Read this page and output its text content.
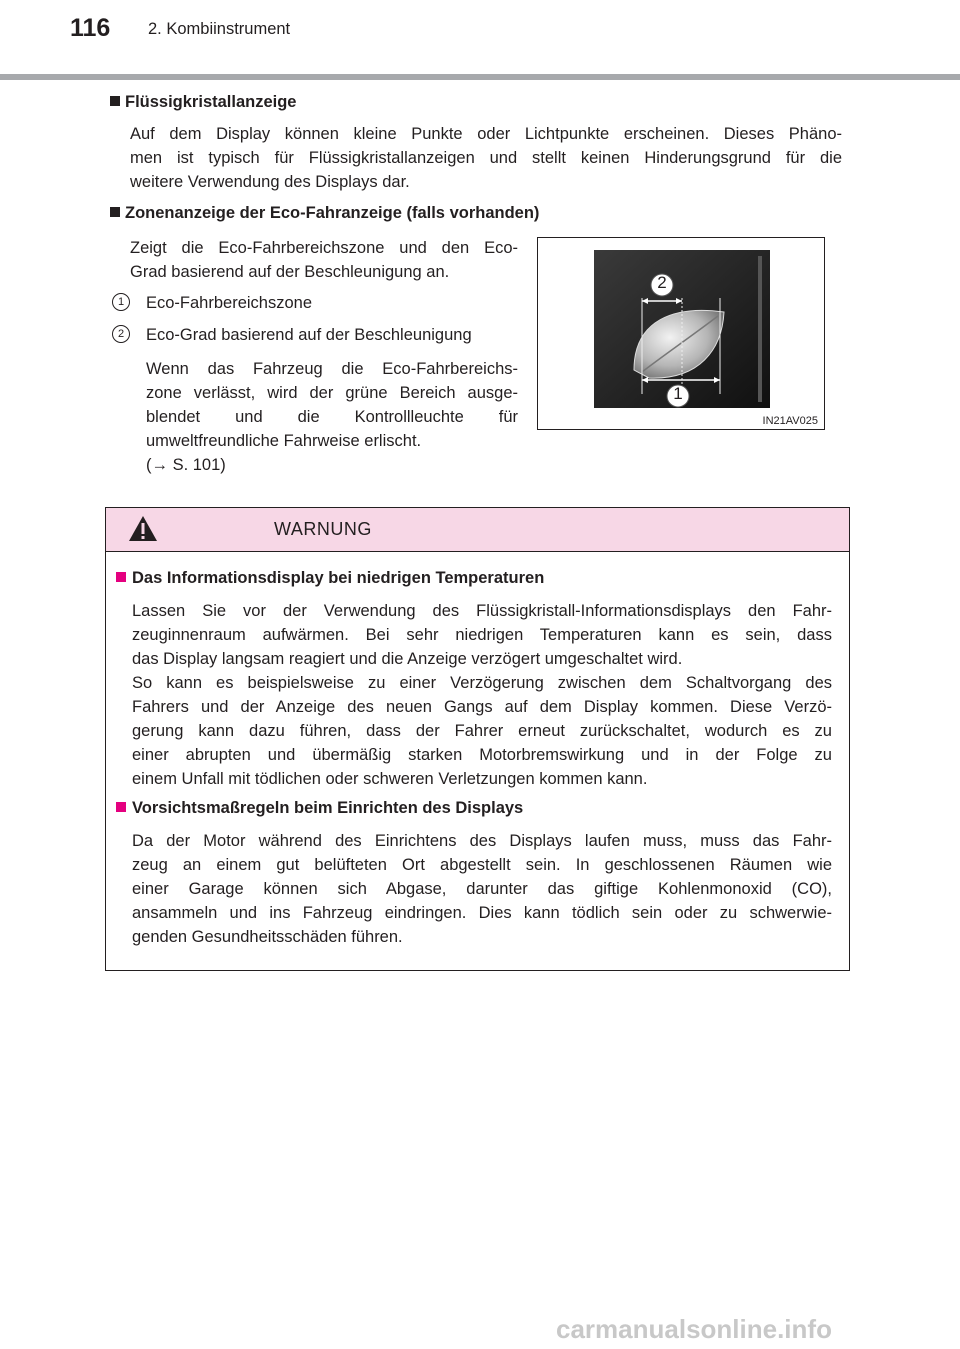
116 2. Kombiinstrument
Flüssigkristallanzeige
Auf dem Display können kleine Punkte oder Lichtpunkte erscheinen. Dieses Phäno-
men ist typisch für Flüssigkristallanzeigen und stellt keinen Hinderungsgrund für die
weitere Verwendung des Displays dar.
Zonenanzeige der Eco-Fahranzeige (falls vorhanden)
Zeigt die Eco-Fahrbereichszone und den Eco-
Grad basierend auf der Beschleunigung an.
1	Eco-Fahrbereichszone
2	Eco-Grad basierend auf der Beschleunigung
Wenn das Fahrzeug die Eco-Fahrbereichs-
zone verlässt, wird der grüne Bereich ausge-
blendet und die Kontrollleuchte für
umweltfreundliche Fahrweise erlischt.
(→ S. 101)
2
1
IN21AV025
WARNUNG
Das Informationsdisplay bei niedrigen Temperaturen
Lassen Sie vor der Verwendung des Flüssigkristall-Informationsdisplays den Fahr-
zeuginnenraum aufwärmen. Bei sehr niedrigen Temperaturen kann es sein, dass
das Display langsam reagiert und die Anzeige verzögert umgeschaltet wird.
So kann es beispielsweise zu einer Verzögerung zwischen dem Schaltvorgang des
Fahrers und der Anzeige des neuen Gangs auf dem Display kommen. Diese Verzö-
gerung kann dazu führen, dass der Fahrer erneut zurückschaltet, wodurch es zu
einer abrupten und übermäßig starken Motorbremswirkung und in der Folge zu
einem Unfall mit tödlichen oder schweren Verletzungen kommen kann.
Vorsichtsmaßregeln beim Einrichten des Displays
Da der Motor während des Einrichtens des Displays laufen muss, muss das Fahr-
zeug an einem gut belüfteten Ort abgestellt sein. In geschlossenen Räumen wie
einer Garage können sich Abgase, darunter das giftige Kohlenmonoxid (CO),
ansammeln und ins Fahrzeug eindringen. Dies kann tödlich sein oder zu schwerwie-
genden Gesundheitsschäden führen.
carmanualsonline.info
